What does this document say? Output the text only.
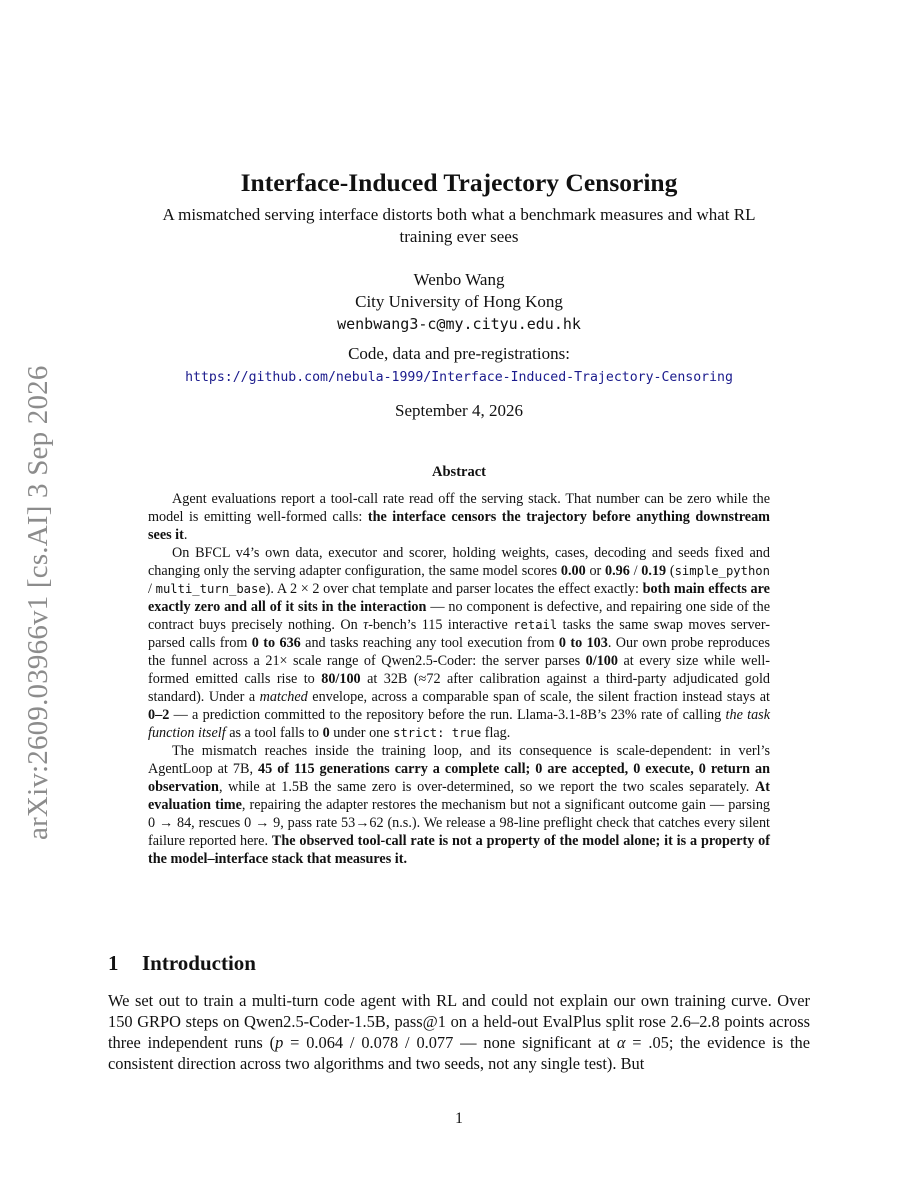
arXiv:2609.03966v1 [cs.AI] 3 Sep 2026
Interface-Induced Trajectory Censoring
A mismatched serving interface distorts both what a benchmark measures and what RL training ever sees
Wenbo Wang
City University of Hong Kong
wenbwang3-c@my.cityu.edu.hk
Code, data and pre-registrations:
https://github.com/nebula-1999/Interface-Induced-Trajectory-Censoring
September 4, 2026
Abstract

Agent evaluations report a tool-call rate read off the serving stack. That number can be zero while the model is emitting well-formed calls: the interface censors the trajectory before anything downstream sees it.

On BFCL v4’s own data, executor and scorer, holding weights, cases, decoding and seeds fixed and changing only the serving adapter configuration, the same model scores 0.00 or 0.96 / 0.19 (simple_python / multi_turn_base). A 2 × 2 over chat template and parser locates the effect exactly: both main effects are exactly zero and all of it sits in the interaction — no component is defective, and repairing one side of the contract buys precisely nothing. On τ-bench’s 115 interactive retail tasks the same swap moves server-parsed calls from 0 to 636 and tasks reaching any tool execution from 0 to 103. Our own probe reproduces the funnel across a 21× scale range of Qwen2.5-Coder: the server parses 0/100 at every size while well-formed emitted calls rise to 80/100 at 32B (≈72 after calibration against a third-party adjudicated gold standard). Under a matched envelope, across a comparable span of scale, the silent fraction instead stays at 0–2 — a prediction committed to the repository before the run. Llama-3.1-8B’s 23% rate of calling the task function itself as a tool falls to 0 under one strict: true flag.

The mismatch reaches inside the training loop, and its consequence is scale-dependent: in verl’s AgentLoop at 7B, 45 of 115 generations carry a complete call; 0 are accepted, 0 execute, 0 return an observation, while at 1.5B the same zero is over-determined, so we report the two scales separately. At evaluation time, repairing the adapter restores the mechanism but not a significant outcome gain — parsing 0 → 84, rescues 0 → 9, pass rate 53→62 (n.s.). We release a 98-line preflight check that catches every silent failure reported here. The observed tool-call rate is not a property of the model alone; it is a property of the model–interface stack that measures it.

1 Introduction

We set out to train a multi-turn code agent with RL and could not explain our own training curve. Over 150 GRPO steps on Qwen2.5-Coder-1.5B, pass@1 on a held-out EvalPlus split rose 2.6–2.8 points across three independent runs (p = 0.064 / 0.078 / 0.077 — none significant at α = .05; the evidence is the consistent direction across two algorithms and two seeds, not any single test). But

1
